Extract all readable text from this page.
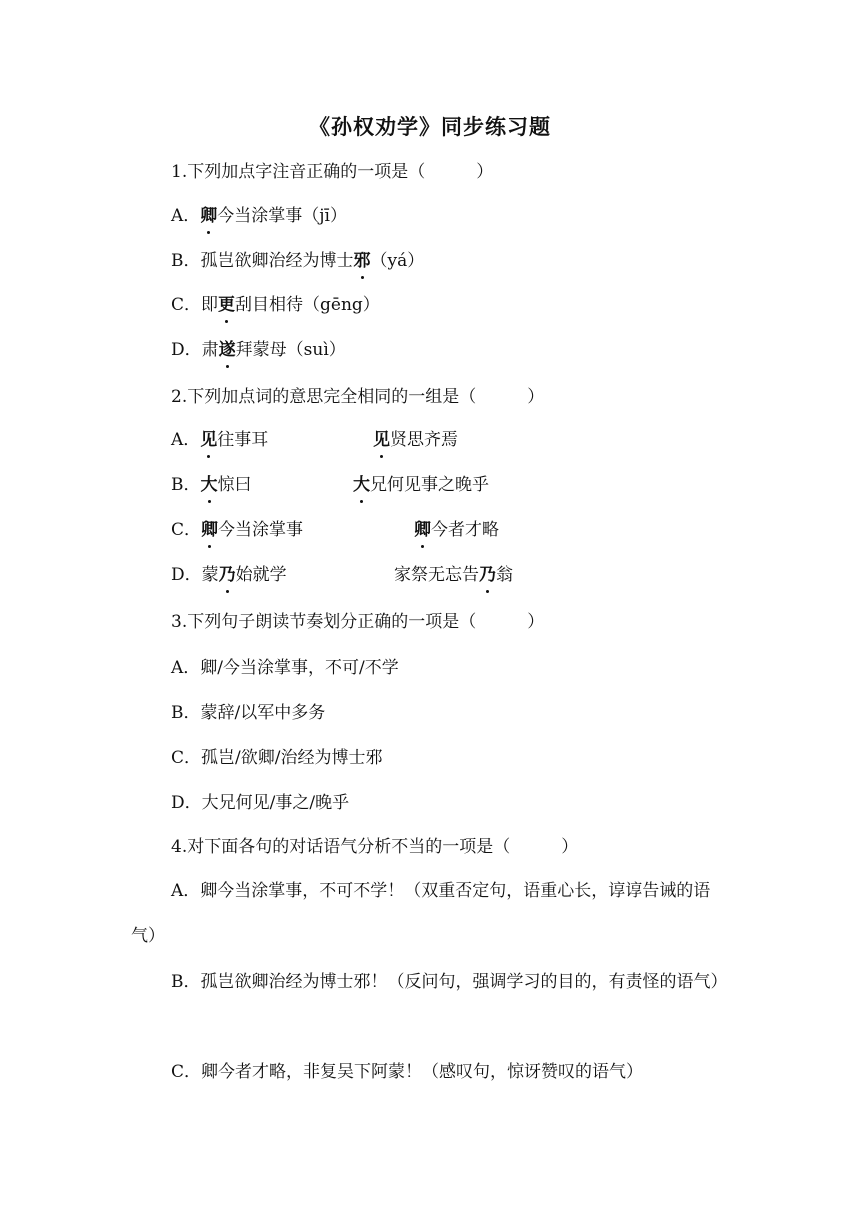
《孙权劝学》同步练习题
1.下列加点字注音正确的一项是（　　　）
A．卿今当涂掌事（jī）
B．孤岂欲卿治经为博士邪（yá）
C．即更刮目相待（gēng）
D．肃遂拜蒙母（suì）
2.下列加点词的意思完全相同的一组是（　　　）
A．见往事耳	见贤思齐焉
B．大惊曰	大兄何见事之晚乎
C．卿今当涂掌事	卿今者才略
D．蒙乃始就学	家祭无忘告乃翁
3.下列句子朗读节奏划分正确的一项是（　　　）
A．卿/今当涂掌事，不可/不学
B．蒙辞/以军中多务
C．孤岂/欲卿/治经为博士邪
D．大兄何见/事之/晚乎
4.对下面各句的对话语气分析不当的一项是（　　　）

A．卿今当涂掌事，不可不学！（双重否定句，语重心长，谆谆告诫的语气）

B．孤岂欲卿治经为博士邪！（反问句，强调学习的目的，有责怪的语气）

C．卿今者才略，非复吴下阿蒙！（感叹句，惊讶赞叹的语气）
